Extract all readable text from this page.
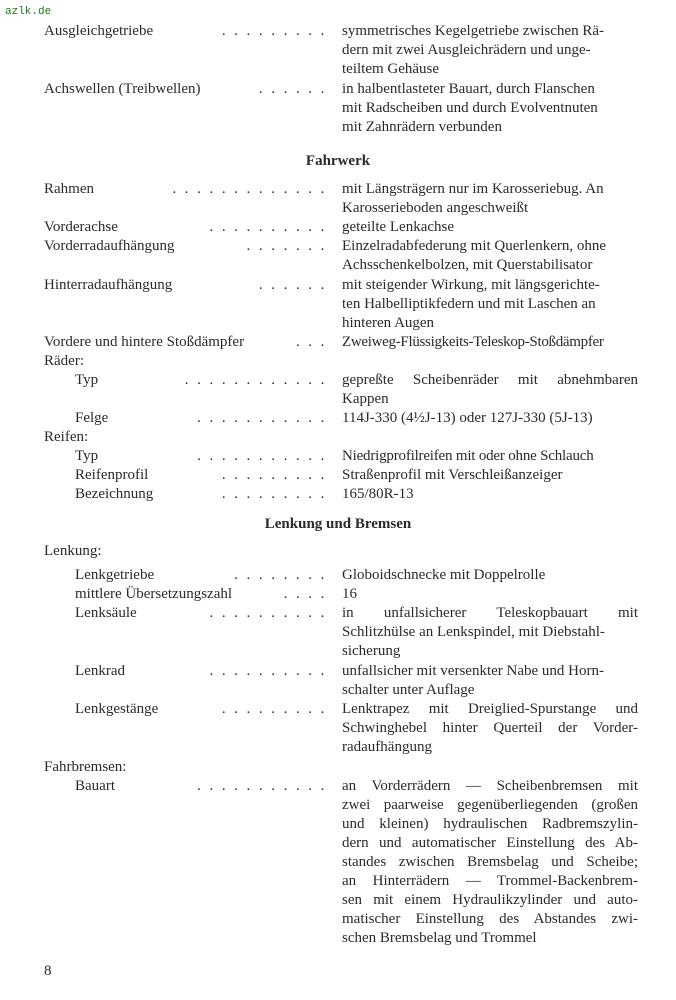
azlk.de
Ausgleichgetriebe	......... symmetrisches Kegelgetriebe zwischen Rä-
dern mit zwei Ausgleichrädern und unge-
teiltem Gehäuse
Achswellen (Treibwellen)	...... in halbentlasteter Bauart, durch Flanschen
mit Radscheiben und durch Evolventnuten
mit Zahnrädern verbunden
Fahrwerk
Rahmen	............. mit Längsträgern nur im Karosseriebug. An
Karosserieboden angeschweißt
Vorderachse	.......... geteilte Lenkachse
Vorderradaufhängung	....... Einzelradabfederung mit Querlenkern, ohne
Achsschenkelbolzen, mit Querstabilisator
Hinterradaufhängung	...... mit steigender Wirkung, mit längsgerichte-
ten Halbelliptikfedern und mit Laschen an
hinteren Augen
Vordere und hintere Stoßdämpfer	... Zweiweg-Flüssigkeits-Teleskop-Stoßdämpfer
Räder:
Typ	............ gepreßte Scheibenräder mit abnehmbaren
Kappen
Felge	........... 114J-330 (4½J-13) oder 127J-330 (5J-13)
Reifen:
Typ	........... Niedrigprofilreifen mit oder ohne Schlauch
Reifenprofil	......... Straßenprofil mit Verschleißanzeiger
Bezeichnung	......... 165/80R-13
Lenkung und Bremsen
Lenkung:
Lenkgetriebe	........ Globoidschnecke mit Doppelrolle
mittlere Übersetzungszahl	.... 16
Lenksäule	.......... in unfallsicherer Teleskopbauart mit
Schlitzhülse an Lenkspindel, mit Diebstahl-
sicherung
Lenkrad	.......... unfallsicher mit versenkter Nabe und Horn-
schalter unter Auflage
Lenkgestänge	......... Lenktrapez mit Dreiglied-Spurstange und
Schwinghebel hinter Querteil der Vorder-
radaufhängung
Fahrbremsen:
Bauart	........... an Vorderrädern — Scheibenbremsen mit
zwei paarweise gegenüberliegenden (großen
und kleinen) hydraulischen Radbremszylin-
dern und automatischer Einstellung des Ab-
standes zwischen Bremsbelag und Scheibe;
an Hinterrädern — Trommel-Backenbrem-
sen mit einem Hydraulikzylinder und auto-
matischer Einstellung des Abstandes zwi-
schen Bremsbelag und Trommel
8
